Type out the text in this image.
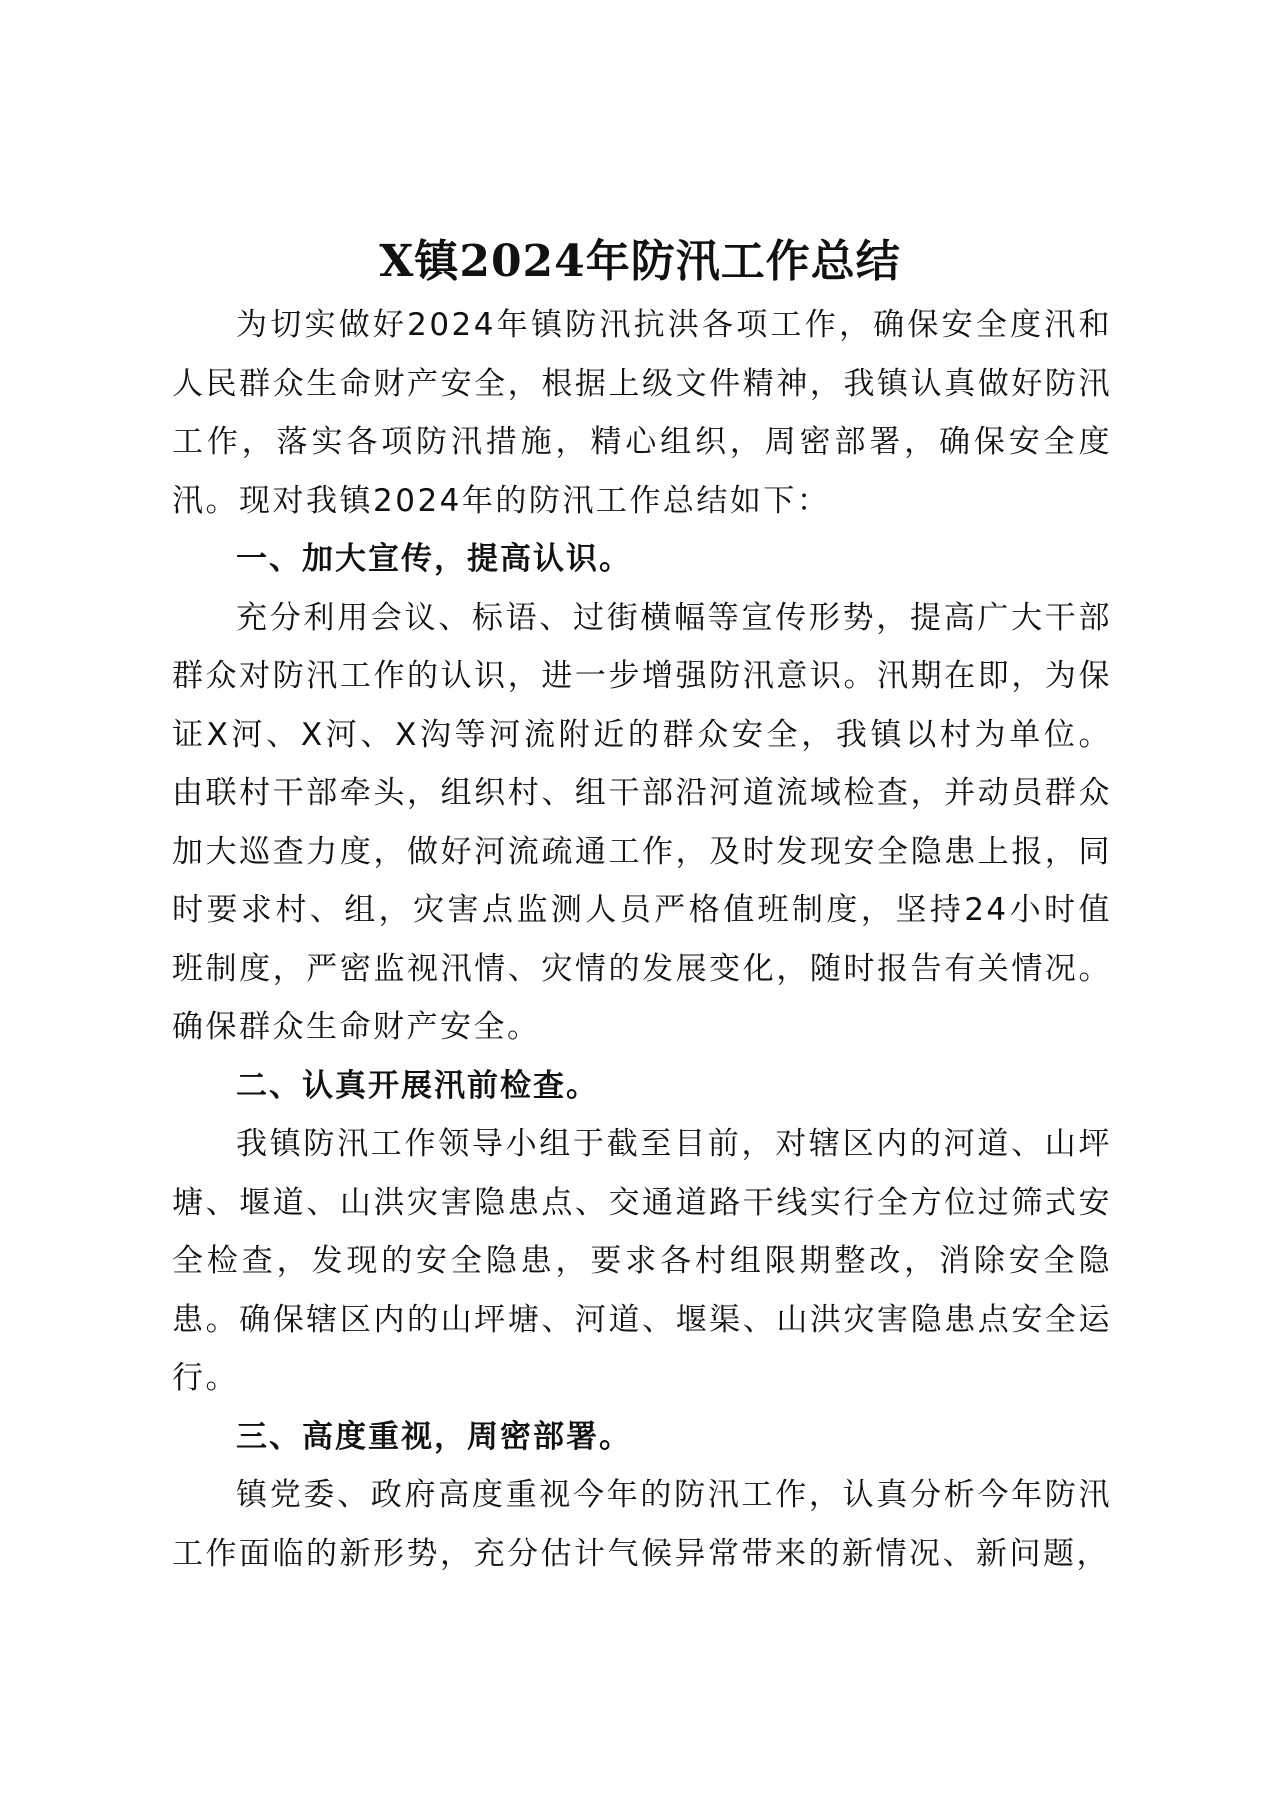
X镇2024年防汛工作总结

为切实做好2024年镇防汛抗洪各项工作，确保安全度汛和人民群众生命财产安全，根据上级文件精神，我镇认真做好防汛工作，落实各项防汛措施，精心组织，周密部署，确保安全度汛。现对我镇2024年的防汛工作总结如下：

一、加大宣传，提高认识。

充分利用会议、标语、过街横幅等宣传形势，提高广大干部群众对防汛工作的认识，进一步增强防汛意识。汛期在即，为保证X河、X河、X沟等河流附近的群众安全，我镇以村为单位。由联村干部牵头，组织村、组干部沿河道流域检查，并动员群众加大巡查力度，做好河流疏通工作，及时发现安全隐患上报，同时要求村、组，灾害点监测人员严格值班制度，坚持24小时值班制度，严密监视汛情、灾情的发展变化，随时报告有关情况。确保群众生命财产安全。

二、认真开展汛前检查。

我镇防汛工作领导小组于截至目前，对辖区内的河道、山坪塘、堰道、山洪灾害隐患点、交通道路干线实行全方位过筛式安全检查，发现的安全隐患，要求各村组限期整改，消除安全隐患。确保辖区内的山坪塘、河道、堰渠、山洪灾害隐患点安全运行。

三、高度重视，周密部署。

镇党委、政府高度重视今年的防汛工作，认真分析今年防汛工作面临的新形势，充分估计气候异常带来的新情况、新问题，
